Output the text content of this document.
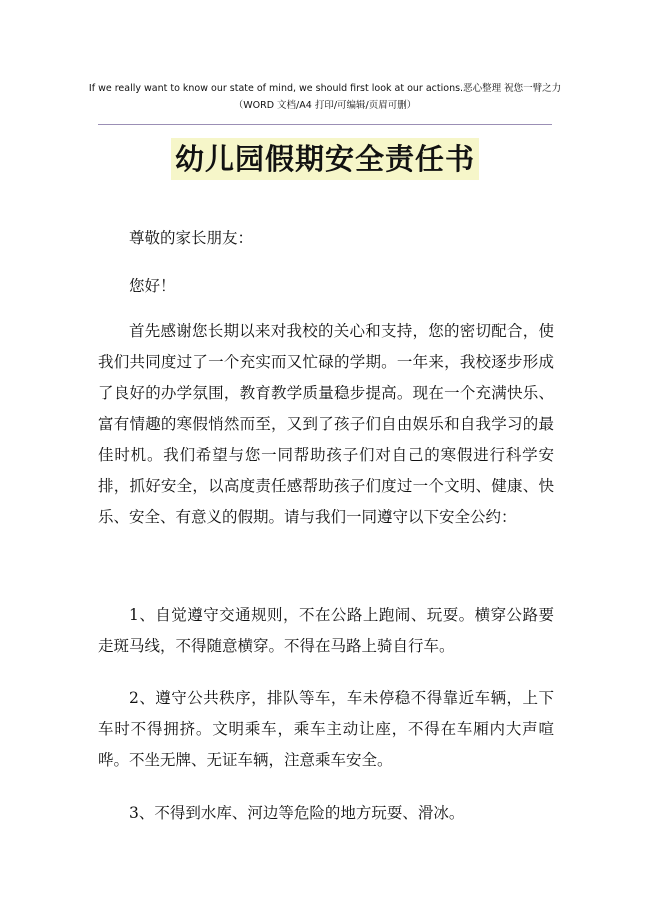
If we really want to know our state of mind, we should first look at our actions.恶心整理 祝您一臂之力
（WORD 文档/A4 打印/可编辑/页眉可删）
幼儿园假期安全责任书
尊敬的家长朋友：
您好！

首先感谢您长期以来对我校的关心和支持，您的密切配合，使我们共同度过了一个充实而又忙碌的学期。一年来，我校逐步形成了良好的办学氛围，教育教学质量稳步提高。现在一个充满快乐、富有情趣的寒假悄然而至，又到了孩子们自由娱乐和自我学习的最佳时机。我们希望与您一同帮助孩子们对自己的寒假进行科学安排，抓好安全，以高度责任感帮助孩子们度过一个文明、健康、快乐、安全、有意义的假期。请与我们一同遵守以下安全公约：

1、自觉遵守交通规则，不在公路上跑闹、玩耍。横穿公路要走斑马线，不得随意横穿。不得在马路上骑自行车。

2、遵守公共秩序，排队等车，车未停稳不得靠近车辆，上下车时不得拥挤。文明乘车，乘车主动让座，不得在车厢内大声喧哗。不坐无牌、无证车辆，注意乘车安全。

3、不得到水库、河边等危险的地方玩耍、滑冰。
